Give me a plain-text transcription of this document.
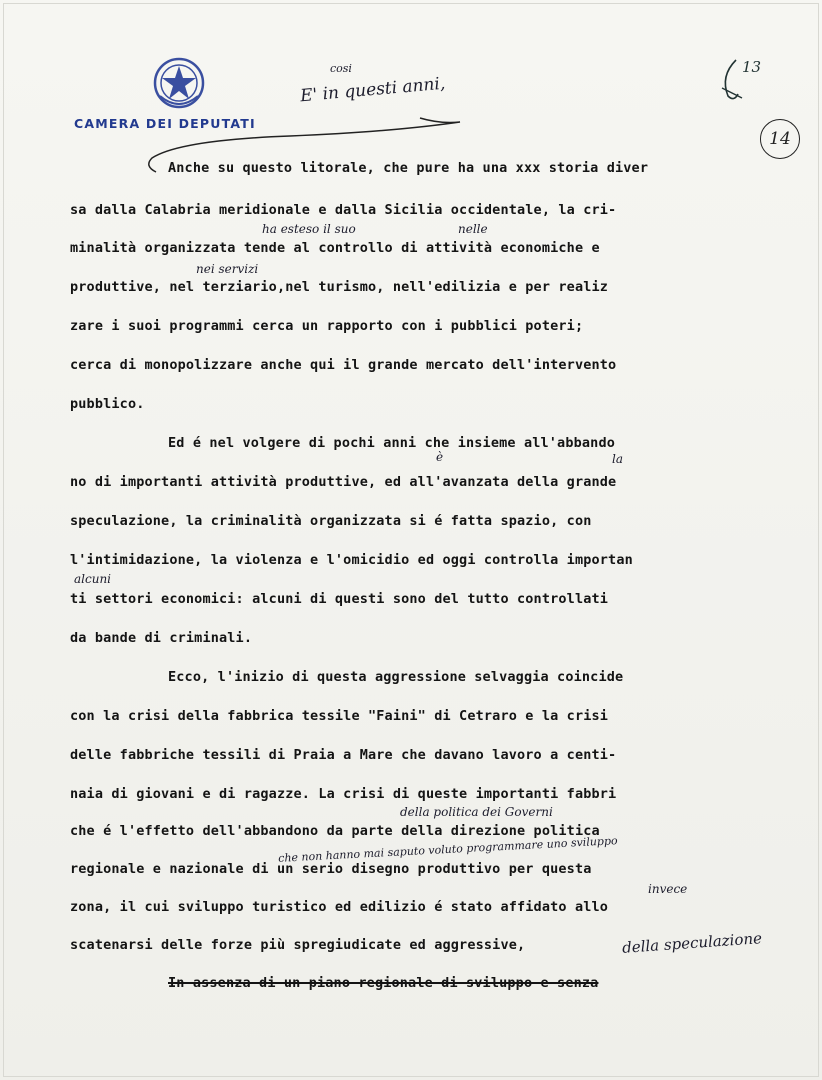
CAMERA DEI DEPUTATI
13
14
cosi
E' in questi anni,
Anche su questo litorale, che pure ha una xxx storia diver
sa dalla Calabria meridionale e dalla Sicilia occidentale, la cri-
ha esteso il suo	nelle
minalità organizzata tende al controllo di attività economiche e
nei servizi
produttive, nel terziario,nel turismo, nell'edilizia e per realiz
zare i suoi programmi cerca un rapporto con i pubblici poteri;
cerca di monopolizzare anche qui il grande mercato dell'intervento
pubblico.
Ed é nel volgere di pochi anni che insieme all'abbando
è	la
no di importanti attività produttive, ed all'avanzata della grande
speculazione, la criminalità organizzata si é fatta spazio, con
l'intimidazione, la violenza e l'omicidio ed oggi controlla importan
alcuni
ti settori economici: alcuni di questi sono del tutto controllati
da bande di criminali.
Ecco, l'inizio di questa aggressione selvaggia coincide
con la crisi della fabbrica tessile "Faini" di Cetraro e la crisi
delle fabbriche tessili di Praia a Mare che davano lavoro a centi-
naia di giovani e di ragazze. La crisi di queste importanti fabbri
della politica dei Governi
che é l'effetto dell'abbandono da parte della direzione politica
che non hanno mai saputo voluto programmare uno sviluppo
regionale e nazionale di un serio disegno produttivo per questa
invece
zona, il cui sviluppo turistico ed edilizio é stato affidato allo
scatenarsi delle forze più spregiudicate ed aggressive,	della speculazione
In assenza di un piano regionale di sviluppo e senza
